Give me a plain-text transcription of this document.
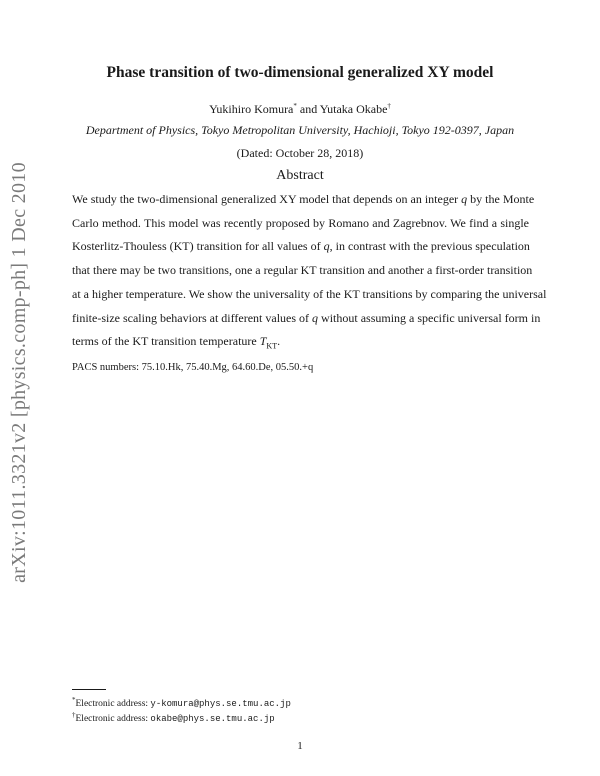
arXiv:1011.3321v2 [physics.comp-ph] 1 Dec 2010
Phase transition of two-dimensional generalized XY model
Yukihiro Komura* and Yutaka Okabe†
Department of Physics, Tokyo Metropolitan University, Hachioji, Tokyo 192-0397, Japan
(Dated: October 28, 2018)
Abstract
We study the two-dimensional generalized XY model that depends on an integer q by the Monte
Carlo method. This model was recently proposed by Romano and Zagrebnov. We find a single
Kosterlitz-Thouless (KT) transition for all values of q, in contrast with the previous speculation
that there may be two transitions, one a regular KT transition and another a first-order transition
at a higher temperature. We show the universality of the KT transitions by comparing the universal
finite-size scaling behaviors at different values of q without assuming a specific universal form in
terms of the KT transition temperature $T_{KT}$.
PACS numbers: 75.10.Hk, 75.40.Mg, 64.60.De, 05.50.+q
*Electronic address: y-komura@phys.se.tmu.ac.jp
†Electronic address: okabe@phys.se.tmu.ac.jp
1
